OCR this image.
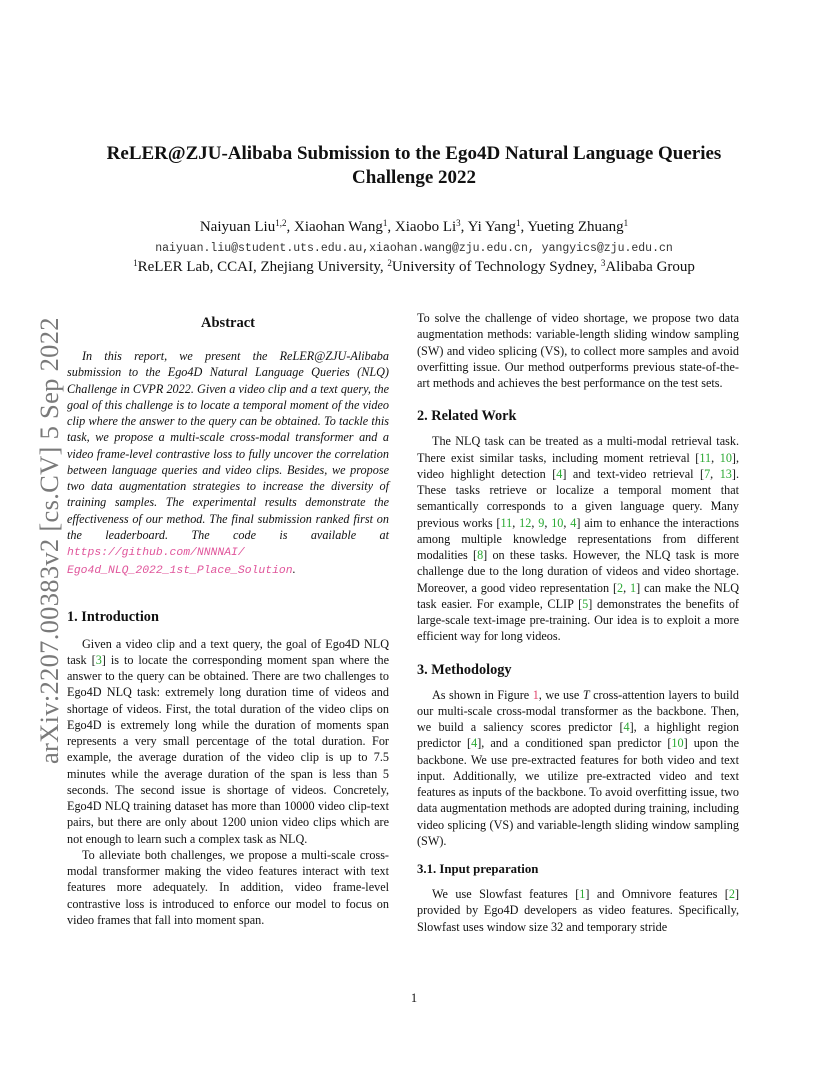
arXiv:2207.00383v2 [cs.CV] 5 Sep 2022
ReLER@ZJU-Alibaba Submission to the Ego4D Natural Language Queries
Challenge 2022
Naiyuan Liu$^{1,2}$, Xiaohan Wang$^1$, Xiaobo Li$^3$, Yi Yang$^1$, Yueting Zhuang$^1$
naiyuan.liu@student.uts.edu.au,xiaohan.wang@zju.edu.cn, yangyics@zju.edu.cn
$^1$ReLER Lab, CCAI, Zhejiang University, $^2$University of Technology Sydney, $^3$Alibaba Group
Abstract

In this report, we present the ReLER@ZJU-Alibaba submission to the Ego4D Natural Language Queries (NLQ) Challenge in CVPR 2022. Given a video clip and a text query, the goal of this challenge is to locate a temporal moment of the video clip where the answer to the query can be obtained. To tackle this task, we propose a multi-scale cross-modal transformer and a video frame-level contrastive loss to fully uncover the correlation between language queries and video clips. Besides, we propose two data augmentation strategies to increase the diversity of training samples. The experimental results demonstrate the effectiveness of our method. The final submission ranked first on the leaderboard. The code is available at https://github.com/NNNNAI/
Ego4d_NLQ_2022_1st_Place_Solution.

1. Introduction

Given a video clip and a text query, the goal of Ego4D NLQ task [3] is to locate the corresponding moment span where the answer to the query can be obtained. There are two challenges to Ego4D NLQ task: extremely long duration time of videos and shortage of videos. First, the total duration of the video clips on Ego4D is extremely long while the duration of moments span represents a very small percentage of the total duration. For example, the average duration of the video clip is up to 7.5 minutes while the average duration of the span is less than 5 seconds. The second issue is shortage of videos. Concretely, Ego4D NLQ training dataset has more than 10000 video clip-text pairs, but there are only about 1200 union video clips which are not enough to learn such a complex task as NLQ.

To alleviate both challenges, we propose a multi-scale cross-modal transformer making the video features interact with text features more adequately. In addition, video frame-level contrastive loss is introduced to enforce our model to focus on video frames that fall into moment span.

To solve the challenge of video shortage, we propose two data augmentation methods: variable-length sliding window sampling (SW) and video splicing (VS), to collect more samples and avoid overfitting issue. Our method outperforms previous state-of-the-art methods and achieves the best performance on the test sets.

2. Related Work

The NLQ task can be treated as a multi-modal retrieval task. There exist similar tasks, including moment retrieval [11, 10], video highlight detection [4] and text-video retrieval [7, 13]. These tasks retrieve or localize a temporal moment that semantically corresponds to a given language query. Many previous works [11, 12, 9, 10, 4] aim to enhance the interactions among multiple knowledge representations from different modalities [8] on these tasks. However, the NLQ task is more challenge due to the long duration of videos and video shortage. Moreover, a good video representation [2, 1] can make the NLQ task easier. For example, CLIP [5] demonstrates the benefits of large-scale text-image pre-training. Our idea is to exploit a more efficient way for long videos.

3. Methodology

As shown in Figure 1, we use T cross-attention layers to build our multi-scale cross-modal transformer as the backbone. Then, we build a saliency scores predictor [4], a highlight region predictor [4], and a conditioned span predictor [10] upon the backbone. We use pre-extracted features for both video and text input. Additionally, we utilize pre-extracted video and text features as inputs of the backbone. To avoid overfitting issue, two data augmentation methods are adopted during training, including video splicing (VS) and variable-length sliding window sampling (SW).

3.1. Input preparation

We use Slowfast features [1] and Omnivore features [2] provided by Ego4D developers as video features. Specifically, Slowfast uses window size 32 and temporary stride

1
